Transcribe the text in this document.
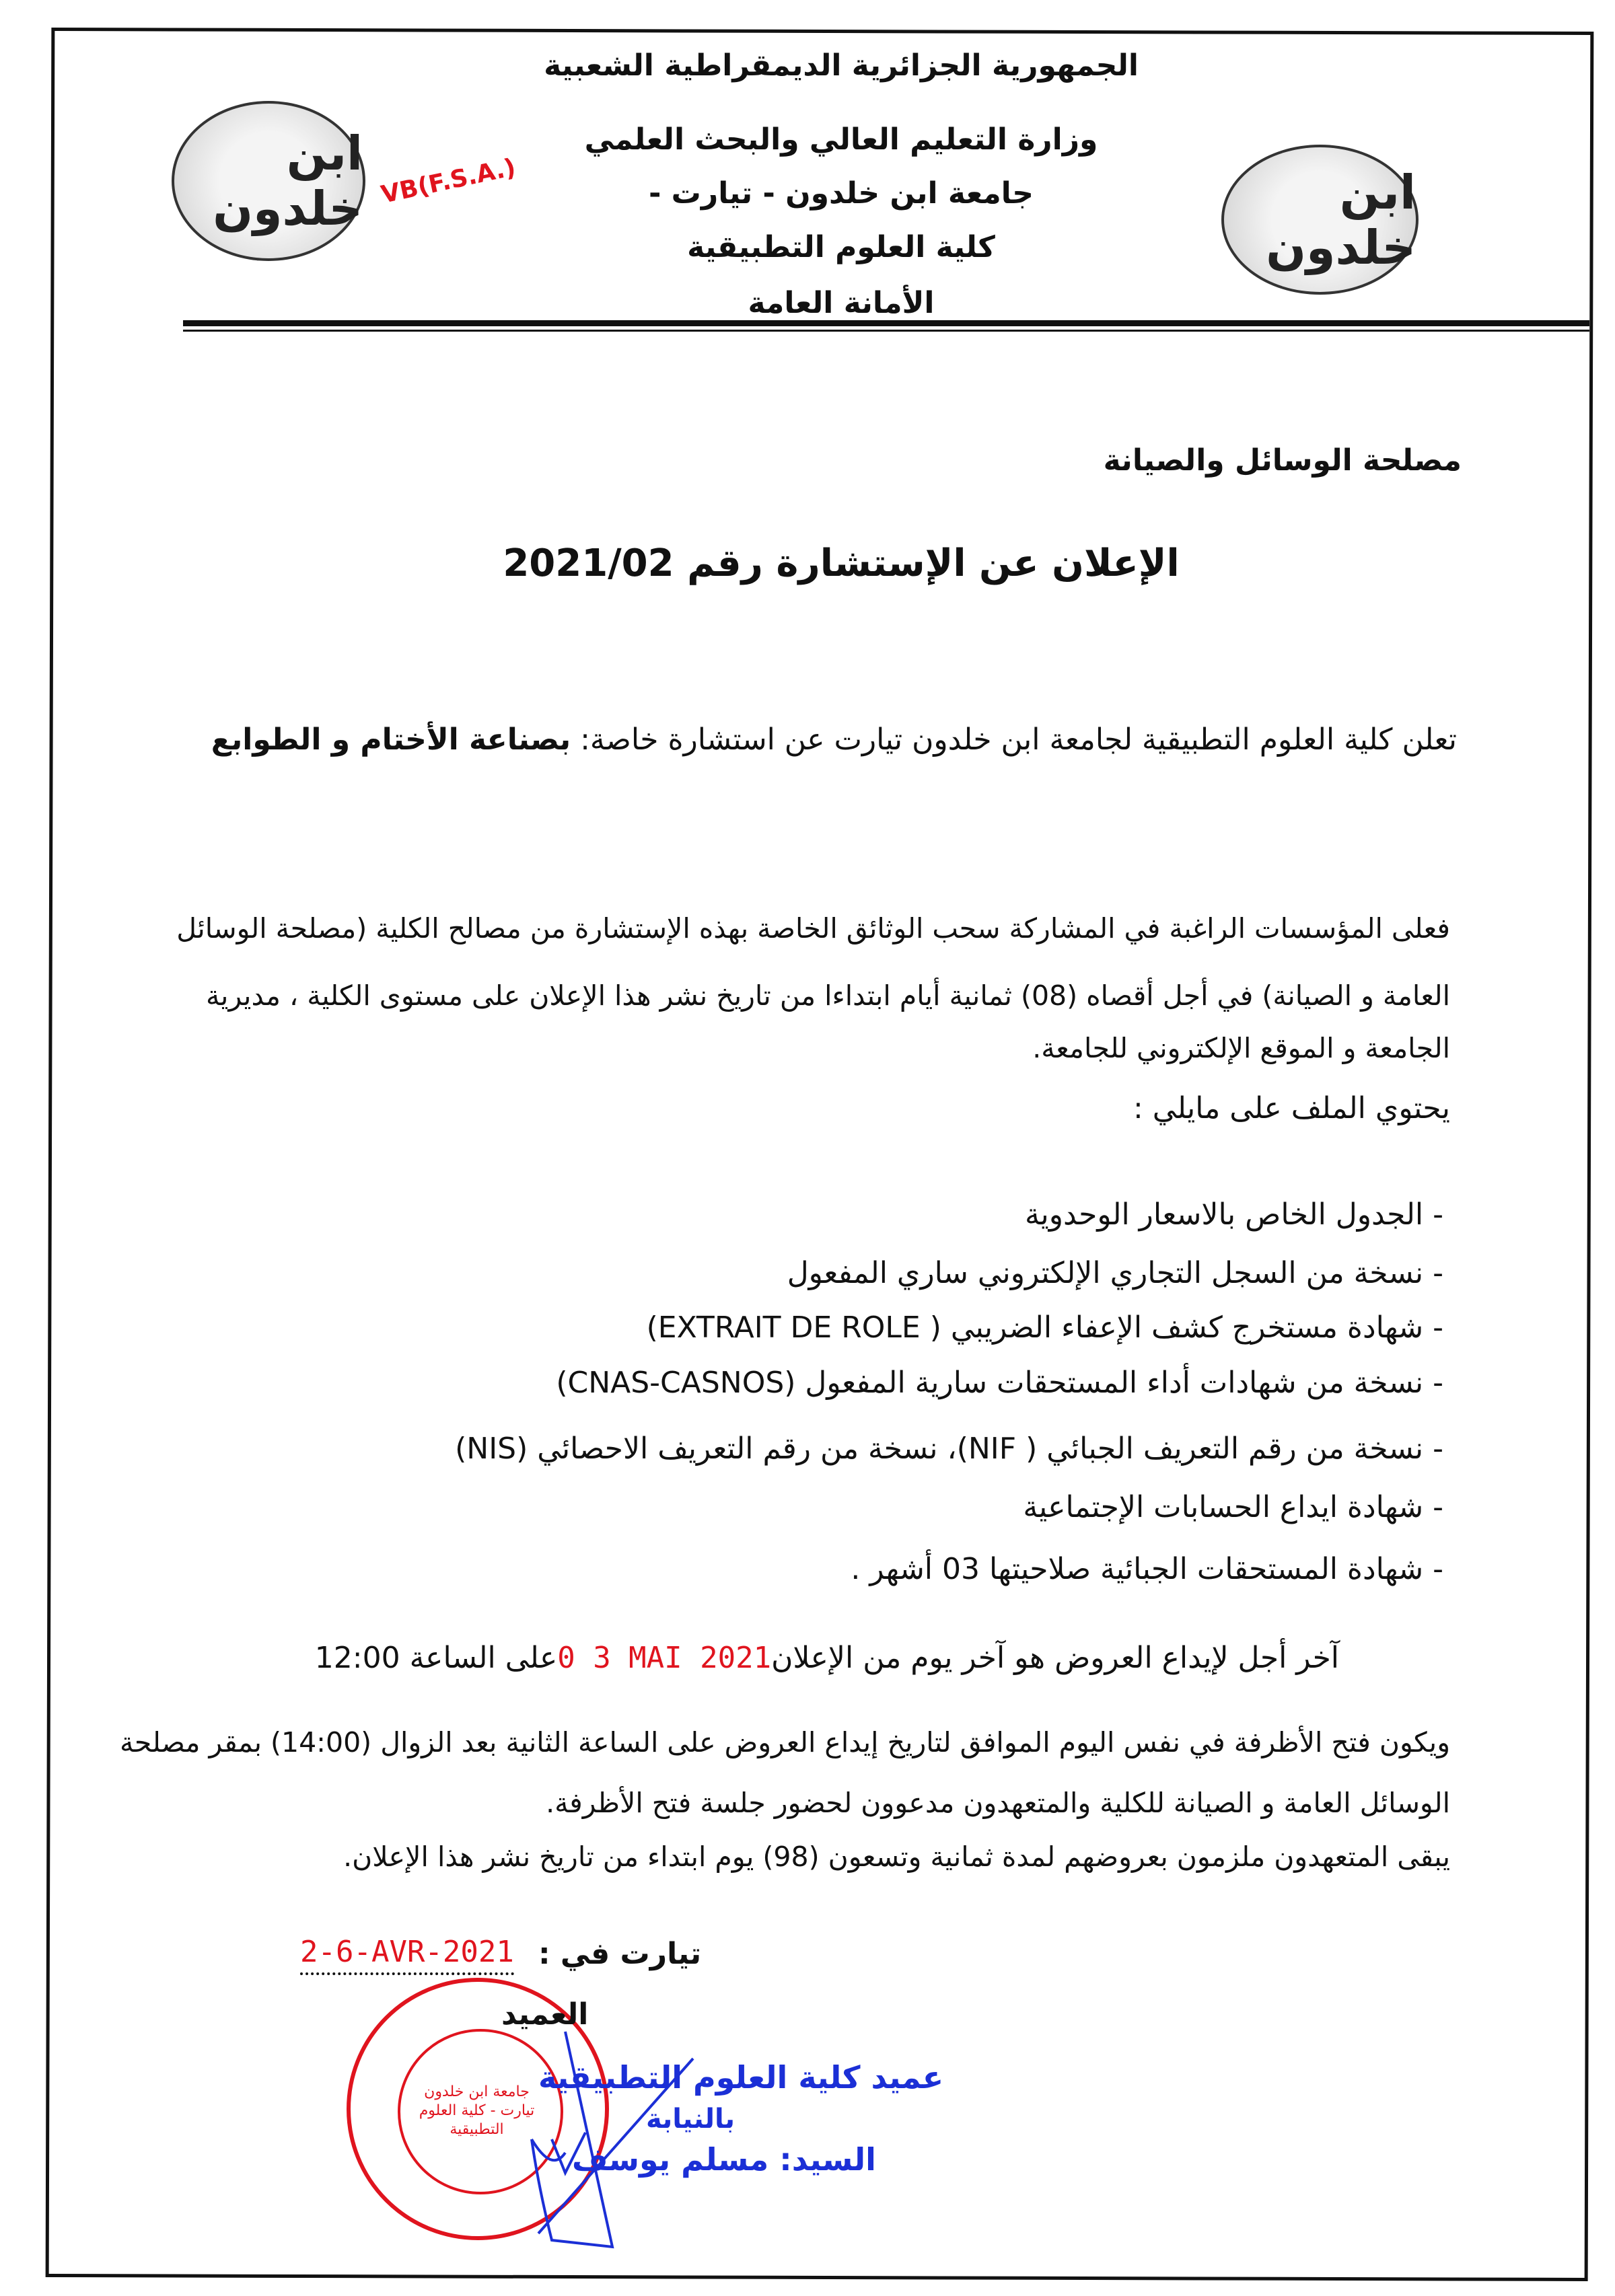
ابن خلدون	ابن خلدون
VB(F.S.A.)
الجمهورية الجزائرية الديمقراطية الشعبية
وزارة التعليم العالي والبحث العلمي
جامعة ابن خلدون - تيارت -
كلية العلوم التطبيقية
الأمانة العامة
مصلحة الوسائل والصيانة
الإعلان عن الإستشارة رقم 2021/02
تعلن كلية العلوم التطبيقية لجامعة ابن خلدون تيارت عن استشارة خاصة: بصناعة الأختام و الطوابع
فعلى المؤسسات الراغبة في المشاركة سحب الوثائق الخاصة بهذه الإستشارة من مصالح الكلية (مصلحة الوسائل
العامة و الصيانة) في أجل أقصاه (08) ثمانية أيام ابتداءا من تاريخ نشر هذا الإعلان على مستوى الكلية ، مديرية
الجامعة و الموقع الإلكتروني للجامعة.
يحتوي الملف على مايلي :
- الجدول الخاص بالاسعار الوحدوية
- نسخة من السجل التجاري الإلكتروني ساري المفعول
- شهادة مستخرج كشف الإعفاء الضريبي ( EXTRAIT DE ROLE)
- نسخة من شهادات أداء المستحقات سارية المفعول (CNAS-CASNOS)
- نسخة من رقم التعريف الجبائي ( NIF)، نسخة من رقم التعريف الاحصائي (NIS)
- شهادة ايداع الحسابات الإجتماعية
- شهادة المستحقات الجبائية صلاحيتها 03 أشهر .
آخر أجل لإيداع العروض هو آخر يوم من الإعلان0 3 MAI 2021على الساعة 12:00
ويكون فتح الأظرفة في نفس اليوم الموافق لتاريخ إيداع العروض على الساعة الثانية بعد الزوال (14:00) بمقر مصلحة
الوسائل العامة و الصيانة للكلية والمتعهدون مدعوون لحضور جلسة فتح الأظرفة.
يبقى المتعهدون ملزمون بعروضهم لمدة ثمانية وتسعون (98) يوم ابتداء من تاريخ نشر هذا الإعلان.
جامعة ابن خلدون تيارت - كلية العلوم التطبيقية
تيارت في :
2-6-AVR-2021
العميد
عميد كلية العلوم التطبيقية
بالنيابة
السيد: مسلم يوسف
